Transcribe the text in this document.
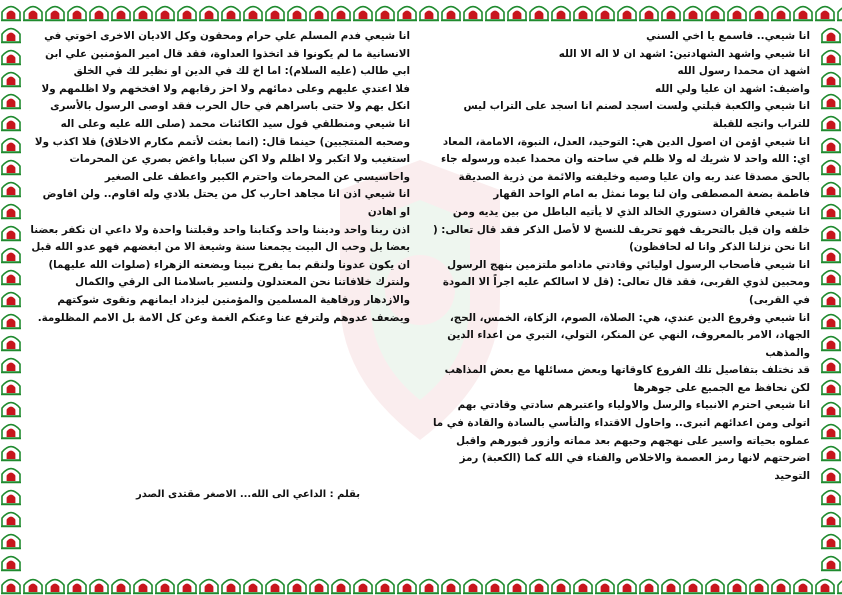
انا شيعي.. فاسمع يا اخي السني

انا شيعي واشهد الشهادتين: اشهد ان لا اله الا الله

اشهد ان محمدا رسول الله

واضيف: اشهد ان عليا ولي الله

انا شيعي والكعبة قبلتي ولست اسجد لصنم انا اسجد على التراب ليس للتراب واتجه للقبلة

انا شيعي اؤمن ان اصول الدين هي: التوحيد، العدل، النبوة، الامامة، المعاد

اي: الله واحد لا شريك له ولا ظلم في ساحته وان محمدا عبده ورسوله جاء بالحق مصدقا عند ربه وان عليا وصيه وخليفته والائمة من ذرية الصديقة فاطمة بضعة المصطفى وان لنا يوما نمثل به امام الواحد القهار

انا شيعي فالقران دستوري الخالد الذي لا يأتيه الباطل من بين يديه ومن خلفه وان قيل بالتحريف فهو تحريف للنسخ لا لأصل الذكر فقد قال تعالى: ( انا نحن نزلنا الذكر وانا له لحافظون)

انا شيعي فأصحاب الرسول اوليائي وقادتي مادامو ملتزمين بنهج الرسول ومحبين لذوي القربى، فقد قال تعالى: (قل لا اسالكم عليه اجراً الا المودة في القربى)

انا شيعي وفروع الدين عندي، هي: الصلاة، الصوم، الزكاة، الخمس، الحج، الجهاد، الامر بالمعروف، النهي عن المنكر، التولي، التبري من اعداء الدين والمذهب

قد نختلف بتفاصيل تلك الفروع كاوقاتها وبعض مسائلها مع بعض المذاهب لكن نحافظ مع الجميع على جوهرها

انا شيعي احترم الانبياء والرسل والاولياء واعتبرهم سادتي وقادتي بهم اتولى ومن اعدائهم اتبرى.. واحاول الاقتداء والتأسي بالسادة والقادة في ما عملوه بحياته واسير على نهجهم وحبهم بعد مماته وازور قبورهم واقبل اضرحتهم لانها رمز العصمة والاخلاص والفناء في الله كما (الكعبة) رمز التوحيد

انا شيعي فدم المسلم علي حرام ومحقون وكل الاديان الاخرى اخوتي في الانسانية ما لم يكونوا قد اتخذوا العداوة، فقد قال امير المؤمنين علي ابن ابي طالب (عليه السلام): اما اخ لك في الدين او نظير لك في الخلق

فلا اعتدي عليهم وعلى دمائهم ولا احز رقابهم ولا افخخهم ولا اظلمهم ولا انكل بهم ولا حتى باسراهم في حال الحرب فقد اوصى الرسول بالأسرى

انا شيعي ومنطلقي قول سيد الكائنات محمد (صلى الله عليه وعلى اله وصحبه المنتجبين) حينما قال: (انما بعثت لأتمم مكارم الاخلاق) فلا اكذب ولا استغيب ولا اتكبر ولا اظلم ولا اكن سبابا واغض بصري عن المحرمات واحاسيسي عن المحرمات واحترم الكبير واعطف على الصغير

انا شيعي اذن انا مجاهد احارب كل من يحتل بلادي وله اقاوم.. ولن افاوض او اهادن

اذن ربنا واحد وديننا واحد وكتابنا واحد وقبلتنا واحدة ولا داعي ان نكفر بعضنا بعضا بل وحب ال البيت يجمعنا سنة وشيعة الا من ابغضهم فهو عدو الله قبل ان يكون عدونا ولنقم بما يفرح نبينا وبضعته الزهراء (صلوات الله عليهما) ولنترك خلافاتنا نحن المعتدلون ولنسير باسلامنا الى الرقي والكمال والازدهار ورفاهية المسلمين والمؤمنين ليزداد ايمانهم وتقوى شوكتهم ويضعف عدوهم ولترفع عنا وعنكم الغمة وعن كل الامة بل الامم المظلومة.

بقلم : الداعي الى الله... الاصغر مقتدى الصدر
